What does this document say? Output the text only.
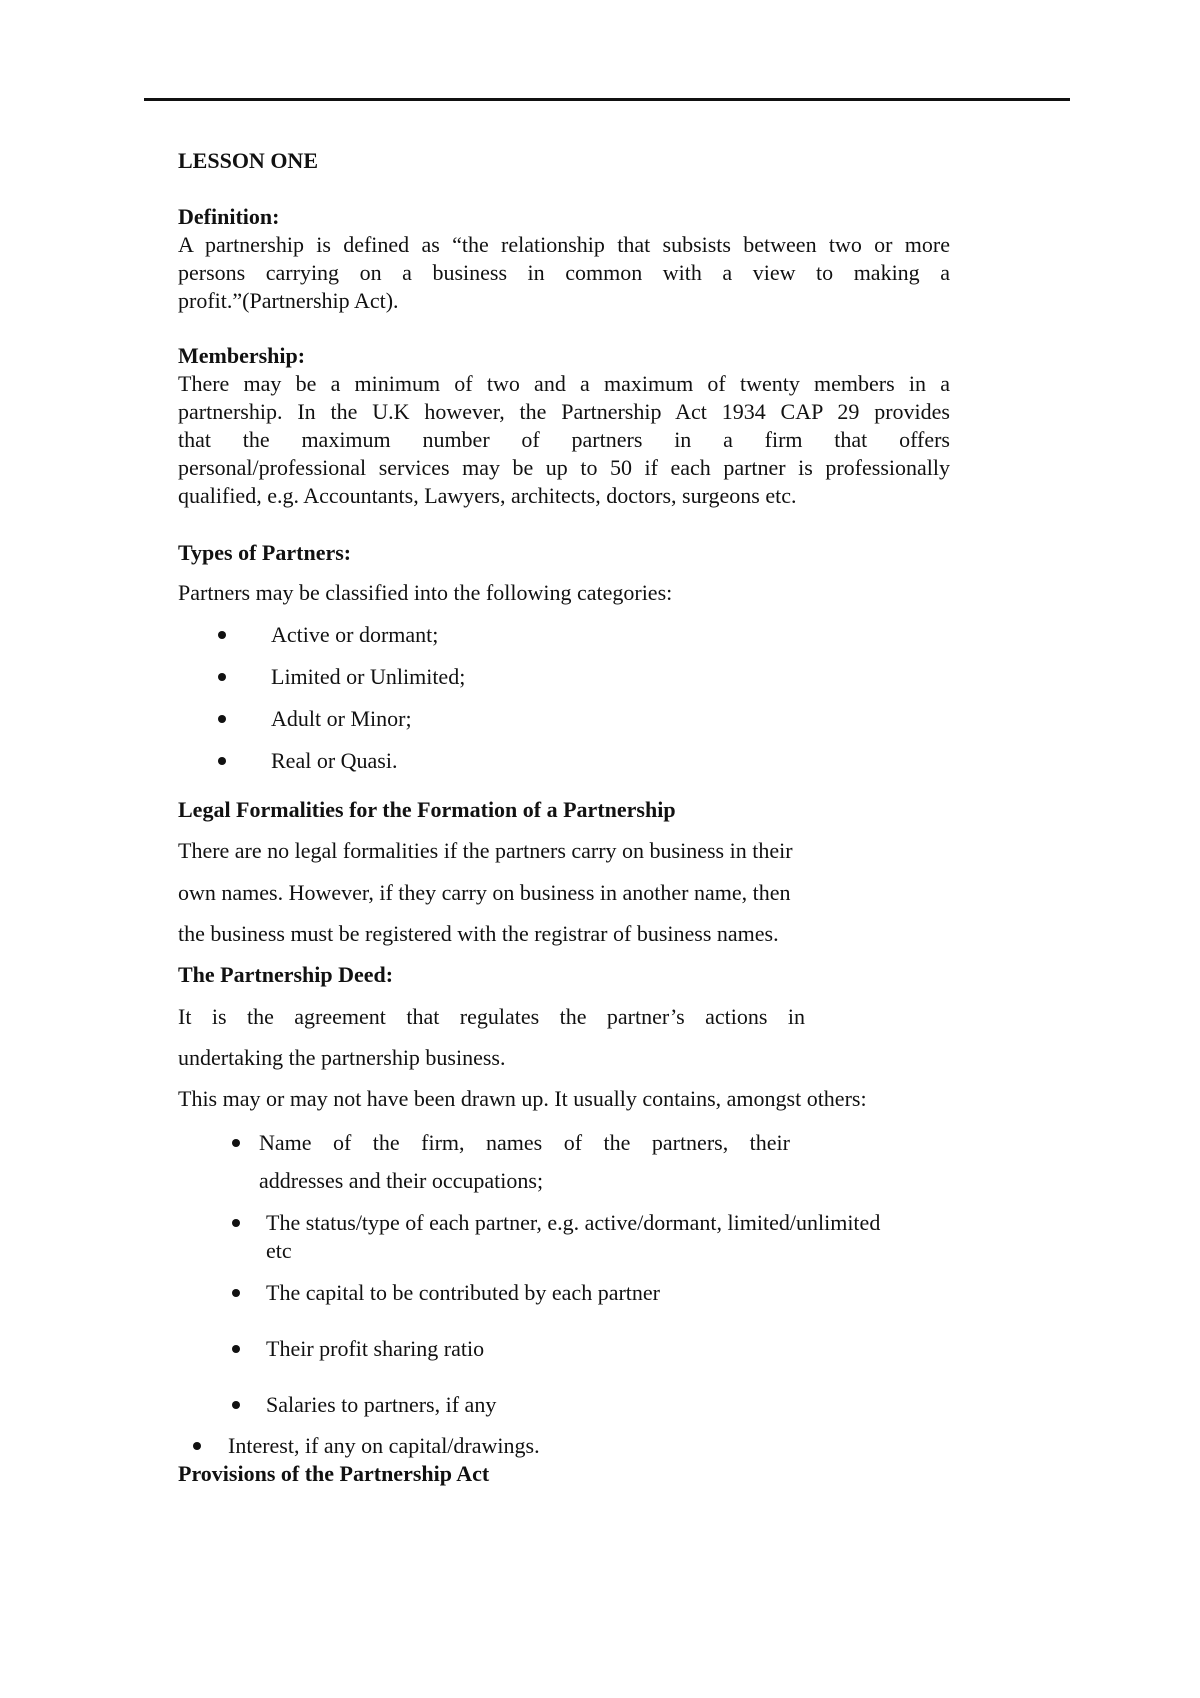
LESSON ONE
Definition:
A partnership is defined as “the relationship that subsists between two or more
persons carrying on a business in common with a view to making a
profit.”(Partnership Act).
Membership:
There may be a minimum of two and a maximum of twenty members in a
partnership. In the U.K however, the Partnership Act 1934 CAP 29 provides
that the maximum number of partners in a firm that offers
personal/professional services may be up to 50 if each partner is professionally
qualified, e.g. Accountants, Lawyers, architects, doctors, surgeons etc.
Types of Partners:
Partners may be classified into the following categories:
Active or dormant;
Limited or Unlimited;
Adult or Minor;
Real or Quasi.
Legal Formalities for the Formation of a Partnership
There are no legal formalities if the partners carry on business in their
own names. However, if they carry on business in another name, then
the business must be registered with the registrar of business names.
The Partnership Deed:
It is the agreement that regulates the partner’s actions in
undertaking the partnership business.
This may or may not have been drawn up. It usually contains, amongst others:
Name of the firm, names of the partners, their
addresses and their occupations;
The status/type of each partner, e.g. active/dormant, limited/unlimited
etc
The capital to be contributed by each partner
Their profit sharing ratio
Salaries to partners, if any
Interest, if any on capital/drawings.
Provisions of the Partnership Act
